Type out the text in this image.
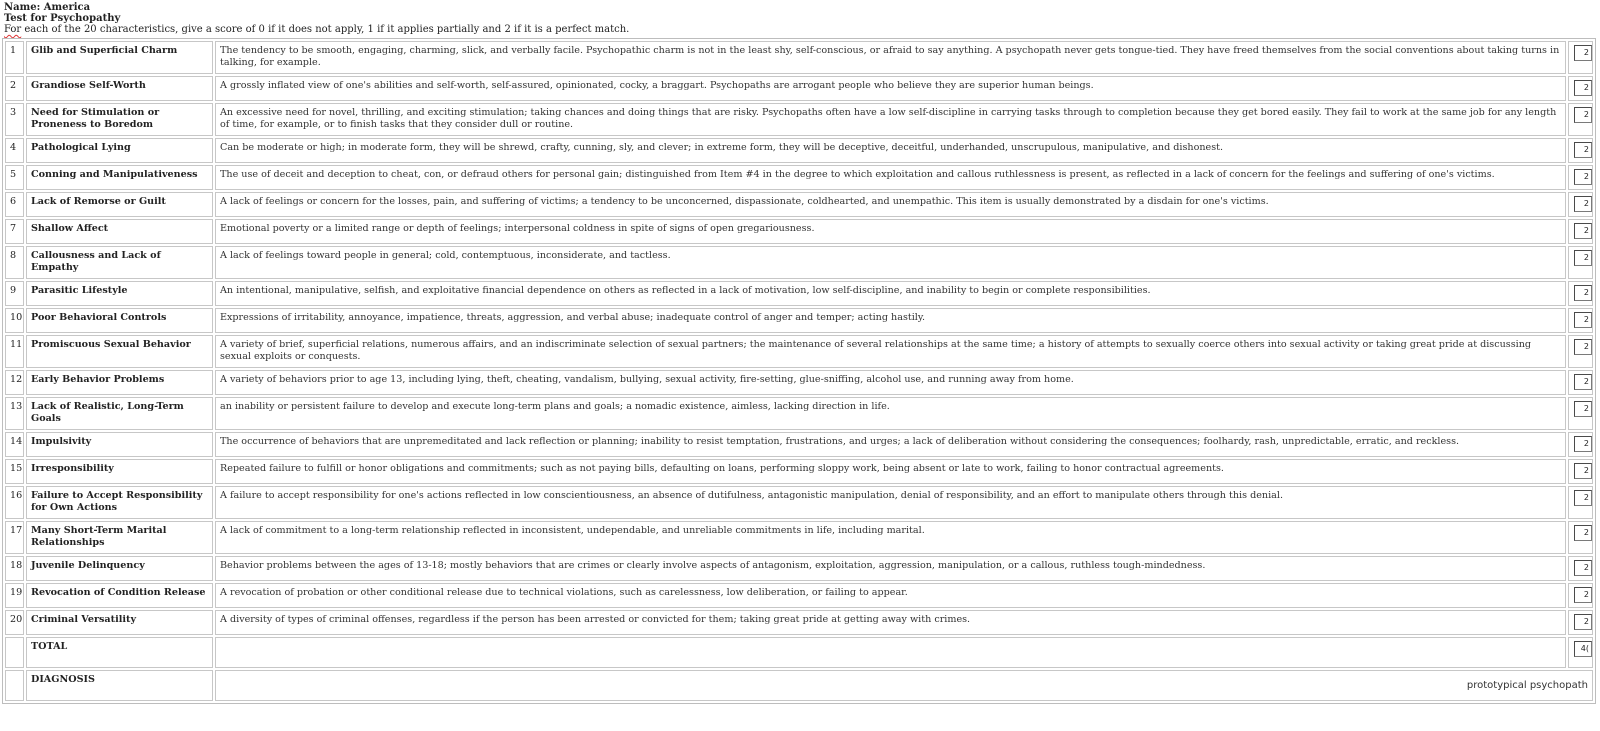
Name: America
Test for Psychopathy
For each of the 20 characteristics, give a score of 0 if it does not apply, 1 if it applies partially and 2 if it is a perfect match.
1	Glib and Superficial Charm	The tendency to be smooth, engaging, charming, slick, and verbally facile. Psychopathic charm is not in the least shy, self-conscious, or afraid to say anything. A psychopath never gets tongue-tied. They have freed themselves from the social conventions about taking turns in talking, for example.	2

2	Grandiose Self-Worth	A grossly inflated view of one's abilities and self-worth, self-assured, opinionated, cocky, a braggart. Psychopaths are arrogant people who believe they are superior human beings.	2

3	Need for Stimulation or Proneness to Boredom	An excessive need for novel, thrilling, and exciting stimulation; taking chances and doing things that are risky. Psychopaths often have a low self-discipline in carrying tasks through to completion because they get bored easily. They fail to work at the same job for any length of time, for example, or to finish tasks that they consider dull or routine.	2

4	Pathological Lying	Can be moderate or high; in moderate form, they will be shrewd, crafty, cunning, sly, and clever; in extreme form, they will be deceptive, deceitful, underhanded, unscrupulous, manipulative, and dishonest.	2

5	Conning and Manipulativeness	The use of deceit and deception to cheat, con, or defraud others for personal gain; distinguished from Item #4 in the degree to which exploitation and callous ruthlessness is present, as reflected in a lack of concern for the feelings and suffering of one's victims.	2

6	Lack of Remorse or Guilt	A lack of feelings or concern for the losses, pain, and suffering of victims; a tendency to be unconcerned, dispassionate, coldhearted, and unempathic. This item is usually demonstrated by a disdain for one's victims.	2

7	Shallow Affect	Emotional poverty or a limited range or depth of feelings; interpersonal coldness in spite of signs of open gregariousness.	2

8	Callousness and Lack of Empathy	A lack of feelings toward people in general; cold, contemptuous, inconsiderate, and tactless.	2

9	Parasitic Lifestyle	An intentional, manipulative, selfish, and exploitative financial dependence on others as reflected in a lack of motivation, low self-discipline, and inability to begin or complete responsibilities.	2

10	Poor Behavioral Controls	Expressions of irritability, annoyance, impatience, threats, aggression, and verbal abuse; inadequate control of anger and temper; acting hastily.	2

11	Promiscuous Sexual Behavior	A variety of brief, superficial relations, numerous affairs, and an indiscriminate selection of sexual partners; the maintenance of several relationships at the same time; a history of attempts to sexually coerce others into sexual activity or taking great pride at discussing sexual exploits or conquests.	2

12	Early Behavior Problems	A variety of behaviors prior to age 13, including lying, theft, cheating, vandalism, bullying, sexual activity, fire-setting, glue-sniffing, alcohol use, and running away from home.	2

13	Lack of Realistic, Long-Term Goals	an inability or persistent failure to develop and execute long-term plans and goals; a nomadic existence, aimless, lacking direction in life.	2

14	Impulsivity	The occurrence of behaviors that are unpremeditated and lack reflection or planning; inability to resist temptation, frustrations, and urges; a lack of deliberation without considering the consequences; foolhardy, rash, unpredictable, erratic, and reckless.	2

15	Irresponsibility	Repeated failure to fulfill or honor obligations and commitments; such as not paying bills, defaulting on loans, performing sloppy work, being absent or late to work, failing to honor contractual agreements.	2

16	Failure to Accept Responsibility for Own Actions	A failure to accept responsibility for one's actions reflected in low conscientiousness, an absence of dutifulness, antagonistic manipulation, denial of responsibility, and an effort to manipulate others through this denial.	2

17	Many Short-Term Marital Relationships	A lack of commitment to a long-term relationship reflected in inconsistent, undependable, and unreliable commitments in life, including marital.	2

18	Juvenile Delinquency	Behavior problems between the ages of 13-18; mostly behaviors that are crimes or clearly involve aspects of antagonism, exploitation, aggression, manipulation, or a callous, ruthless tough-mindedness.	2

19	Revocation of Condition Release	A revocation of probation or other conditional release due to technical violations, such as carelessness, low deliberation, or failing to appear.	2

20	Criminal Versatility	A diversity of types of criminal offenses, regardless if the person has been arrested or convicted for them; taking great pride at getting away with crimes.	2

	TOTAL		4(

	DIAGNOSIS	prototypical psychopath	
